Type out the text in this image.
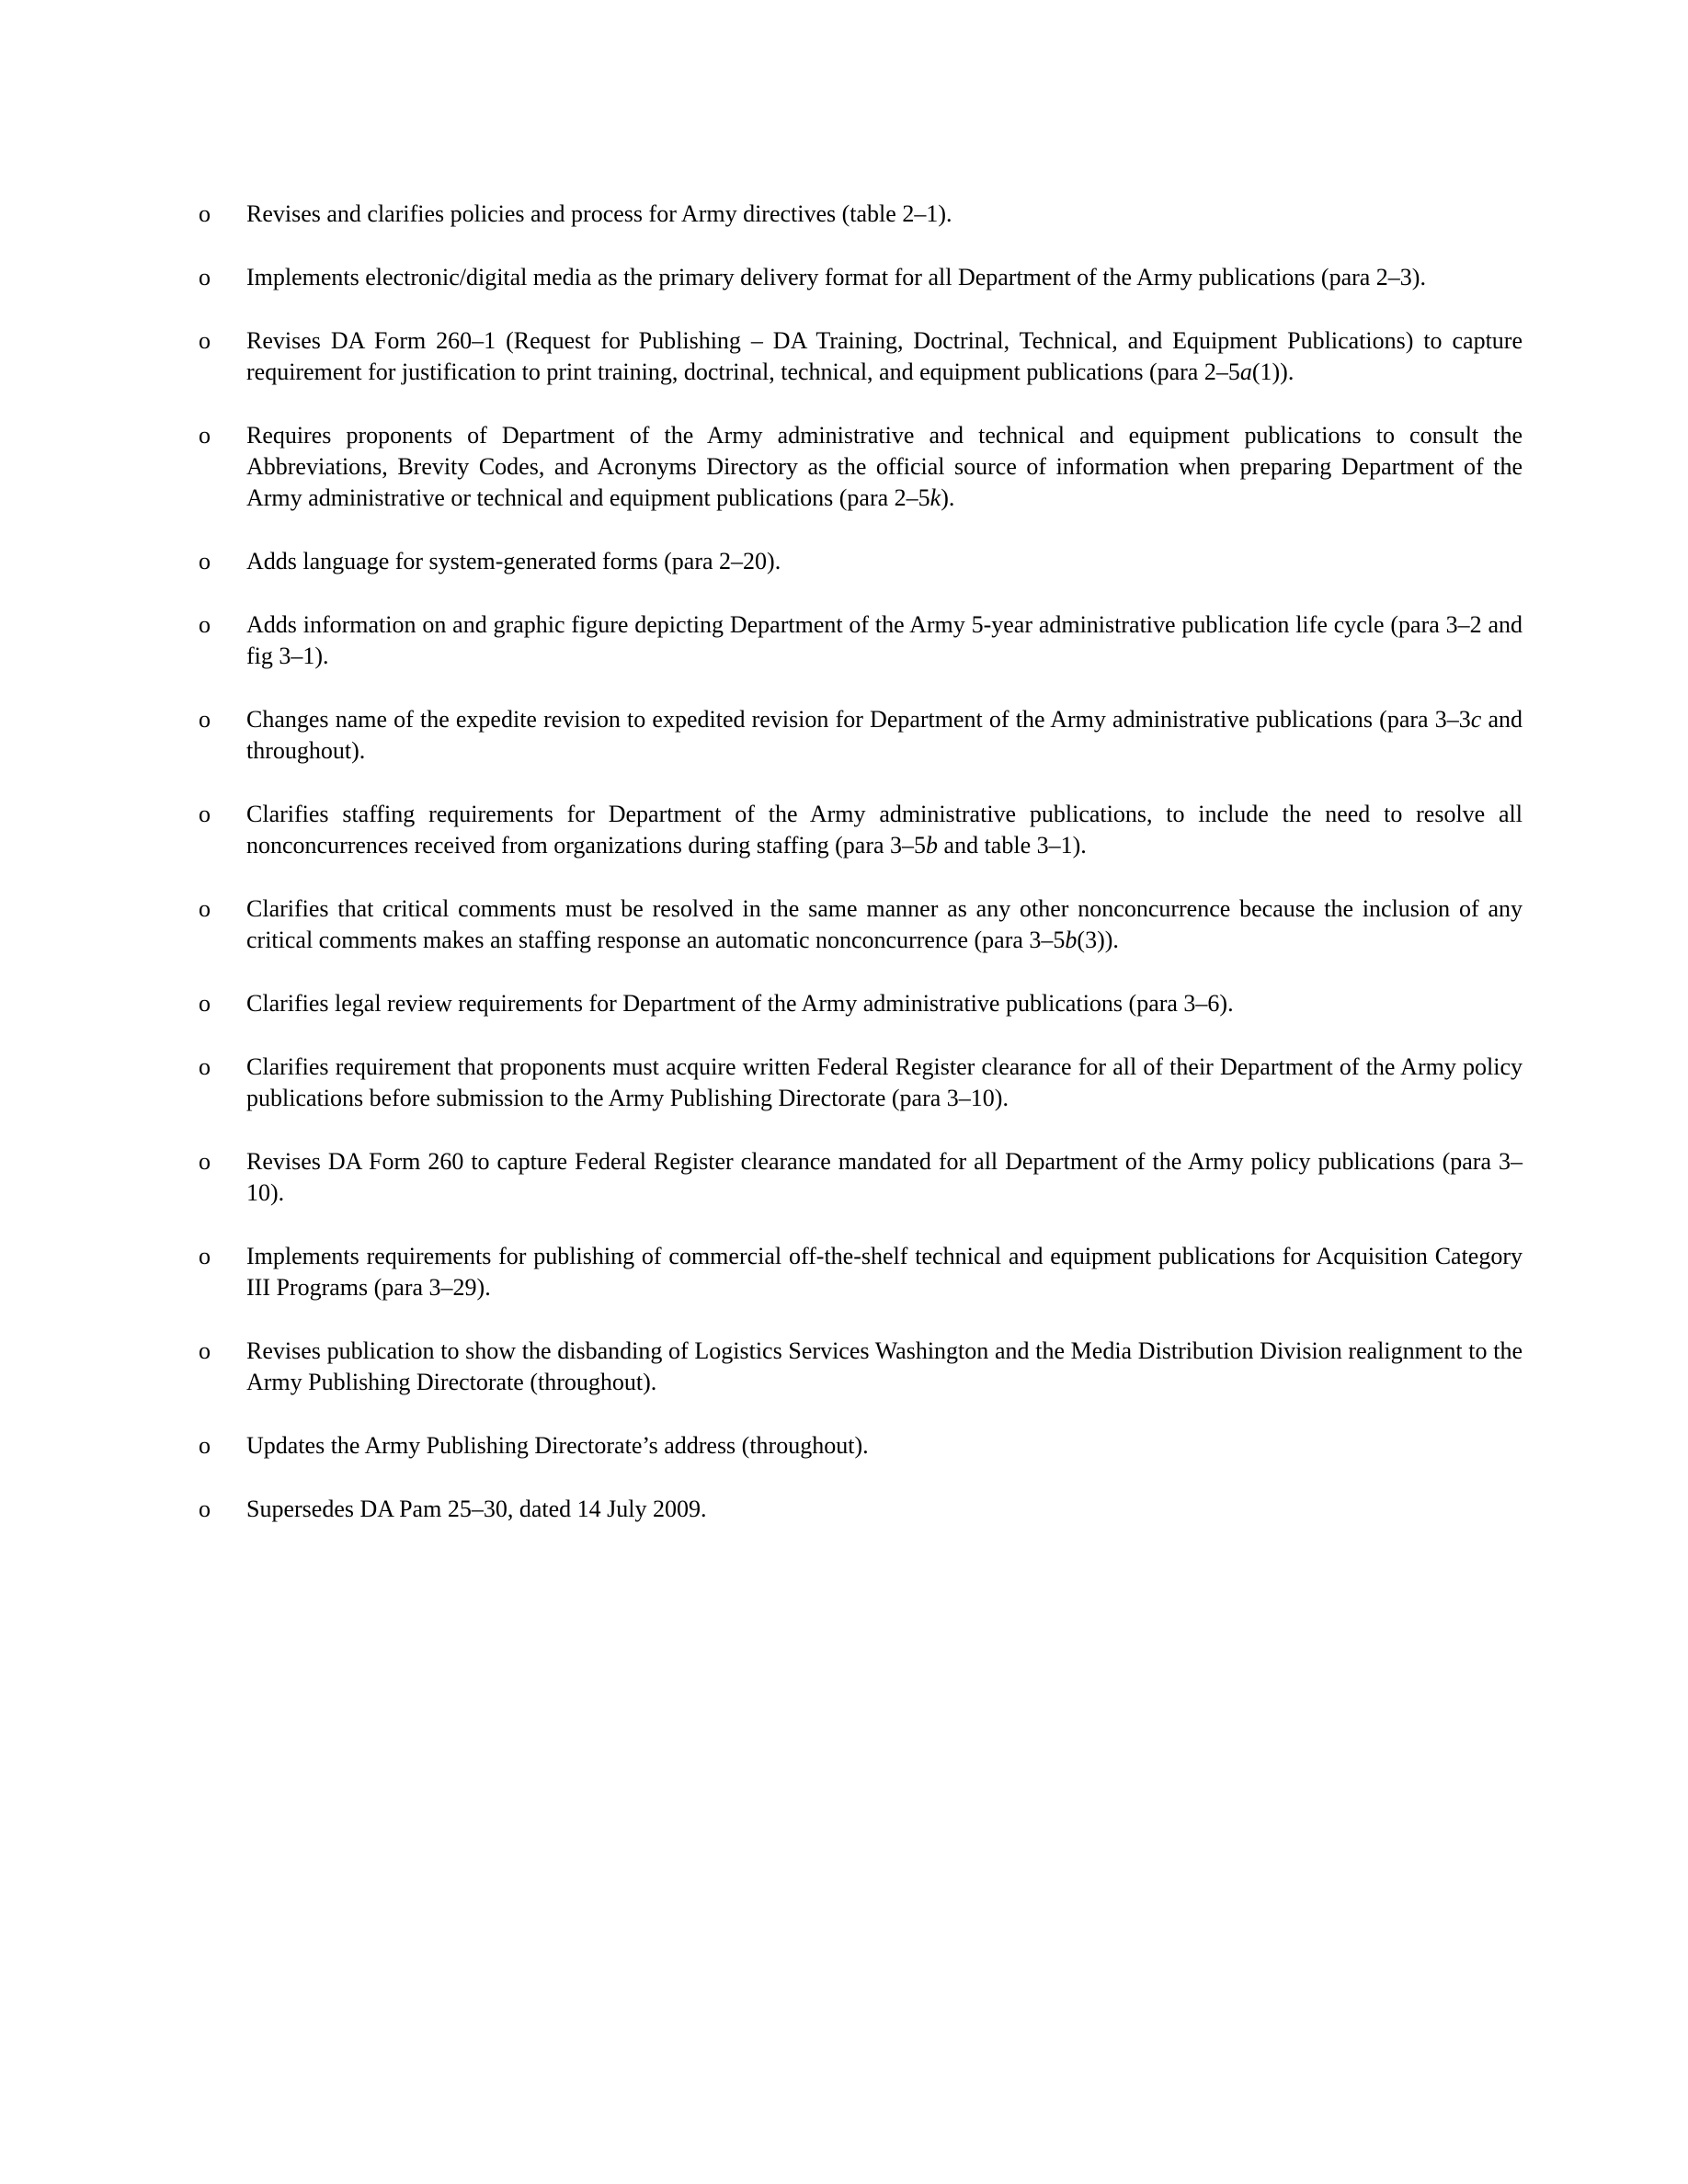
o	Revises and clarifies policies and process for Army directives (table 2–1).
o	Implements electronic/digital media as the primary delivery format for all Department of the Army publications (para 2–3).
o	Revises DA Form 260–1 (Request for Publishing – DA Training, Doctrinal, Technical, and Equipment Publications) to capture requirement for justification to print training, doctrinal, technical, and equipment publications (para 2–5a(1)).
o	Requires proponents of Department of the Army administrative and technical and equipment publications to consult the Abbreviations, Brevity Codes, and Acronyms Directory as the official source of information when preparing Department of the Army administrative or technical and equipment publications (para 2–5k).
o	Adds language for system-generated forms (para 2–20).
o	Adds information on and graphic figure depicting Department of the Army 5-year administrative publication life cycle (para 3–2 and fig 3–1).
o	Changes name of the expedite revision to expedited revision for Department of the Army administrative publications (para 3–3c and throughout).
o	Clarifies staffing requirements for Department of the Army administrative publications, to include the need to resolve all nonconcurrences received from organizations during staffing (para 3–5b and table 3–1).
o	Clarifies that critical comments must be resolved in the same manner as any other nonconcurrence because the inclusion of any critical comments makes an staffing response an automatic nonconcurrence (para 3–5b(3)).
o	Clarifies legal review requirements for Department of the Army administrative publications (para 3–6).
o	Clarifies requirement that proponents must acquire written Federal Register clearance for all of their Department of the Army policy publications before submission to the Army Publishing Directorate (para 3–10).
o	Revises DA Form 260 to capture Federal Register clearance mandated for all Department of the Army policy publications (para 3–10).
o	Implements requirements for publishing of commercial off-the-shelf technical and equipment publications for Acquisition Category III Programs (para 3–29).
o	Revises publication to show the disbanding of Logistics Services Washington and the Media Distribution Division realignment to the Army Publishing Directorate (throughout).
o	Updates the Army Publishing Directorate’s address (throughout).
o	Supersedes DA Pam 25–30, dated 14 July 2009.
